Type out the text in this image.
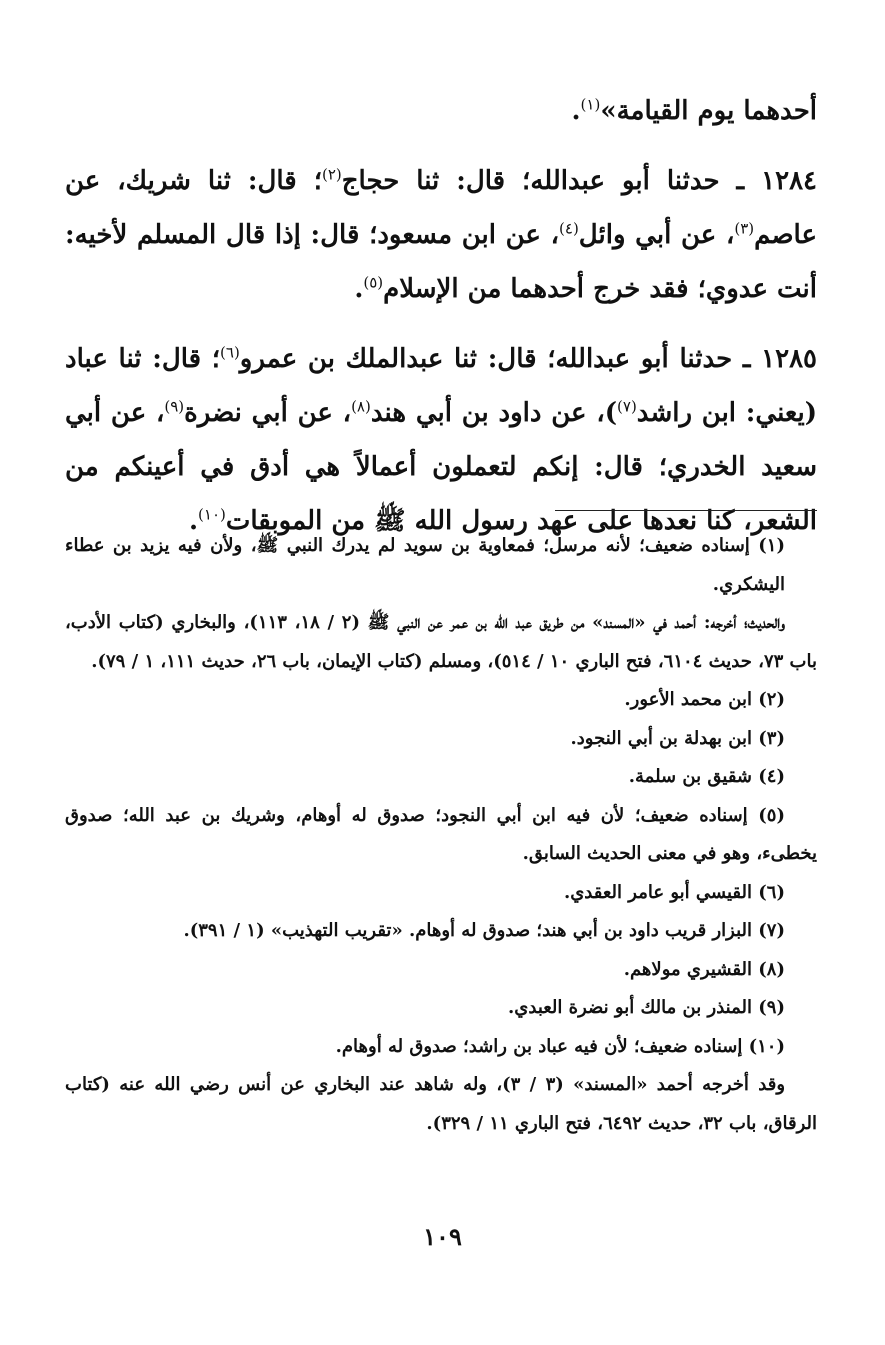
أحدهما يوم القيامة»$^{(١)}$.

١٢٨٤ ـ حدثنا أبو عبدالله؛ قال: ثنا حجاج$^{(٢)}$؛ قال: ثنا شريك، عن عاصم$^{(٣)}$، عن أبي وائل$^{(٤)}$، عن ابن مسعود؛ قال: إذا قال المسلم لأخيه: أنت عدوي؛ فقد خرج أحدهما من الإسلام$^{(٥)}$.

١٢٨٥ ـ حدثنا أبو عبدالله؛ قال: ثنا عبدالملك بن عمرو$^{(٦)}$؛ قال: ثنا عباد (يعني: ابن راشد$^{(٧)}$)، عن داود بن أبي هند$^{(٨)}$، عن أبي نضرة$^{(٩)}$، عن أبي سعيد الخدري؛ قال: إنكم لتعملون أعمالاً هي أدق في أعينكم من الشعر، كنا نعدها على عهد رسول الله ﷺ من الموبقات$^{(١٠)}$.

(١) إسناده ضعيف؛ لأنه مرسل؛ فمعاوية بن سويد لم يدرك النبي ﷺ، ولأن فيه يزيد بن عطاء اليشكري.

والحديث؛ أخرجه: أحمد في «المسند» من طريق عبد الله بن عمر عن النبي ﷺ (٢ / ١٨، ١١٣)، والبخاري (كتاب الأدب، باب ٧٣، حديث ٦١٠٤، فتح الباري ١٠ / ٥١٤)، ومسلم (كتاب الإيمان، باب ٢٦، حديث ١١١، ١ / ٧٩).

(٢) ابن محمد الأعور.

(٣) ابن بهدلة بن أبي النجود.

(٤) شقيق بن سلمة.

(٥) إسناده ضعيف؛ لأن فيه ابن أبي النجود؛ صدوق له أوهام، وشريك بن عبد الله؛ صدوق يخطىء، وهو في معنى الحديث السابق.

(٦) القيسي أبو عامر العقدي.

(٧) البزار قريب داود بن أبي هند؛ صدوق له أوهام. «تقريب التهذيب» (١ / ٣٩١).

(٨) القشيري مولاهم.

(٩) المنذر بن مالك أبو نضرة العبدي.

(١٠) إسناده ضعيف؛ لأن فيه عباد بن راشد؛ صدوق له أوهام.

وقد أخرجه أحمد «المسند» (٣ / ٣)، وله شاهد عند البخاري عن أنس رضي الله عنه (كتاب الرقاق، باب ٣٢، حديث ٦٤٩٢، فتح الباري ١١ / ٣٢٩).

١٠٩
